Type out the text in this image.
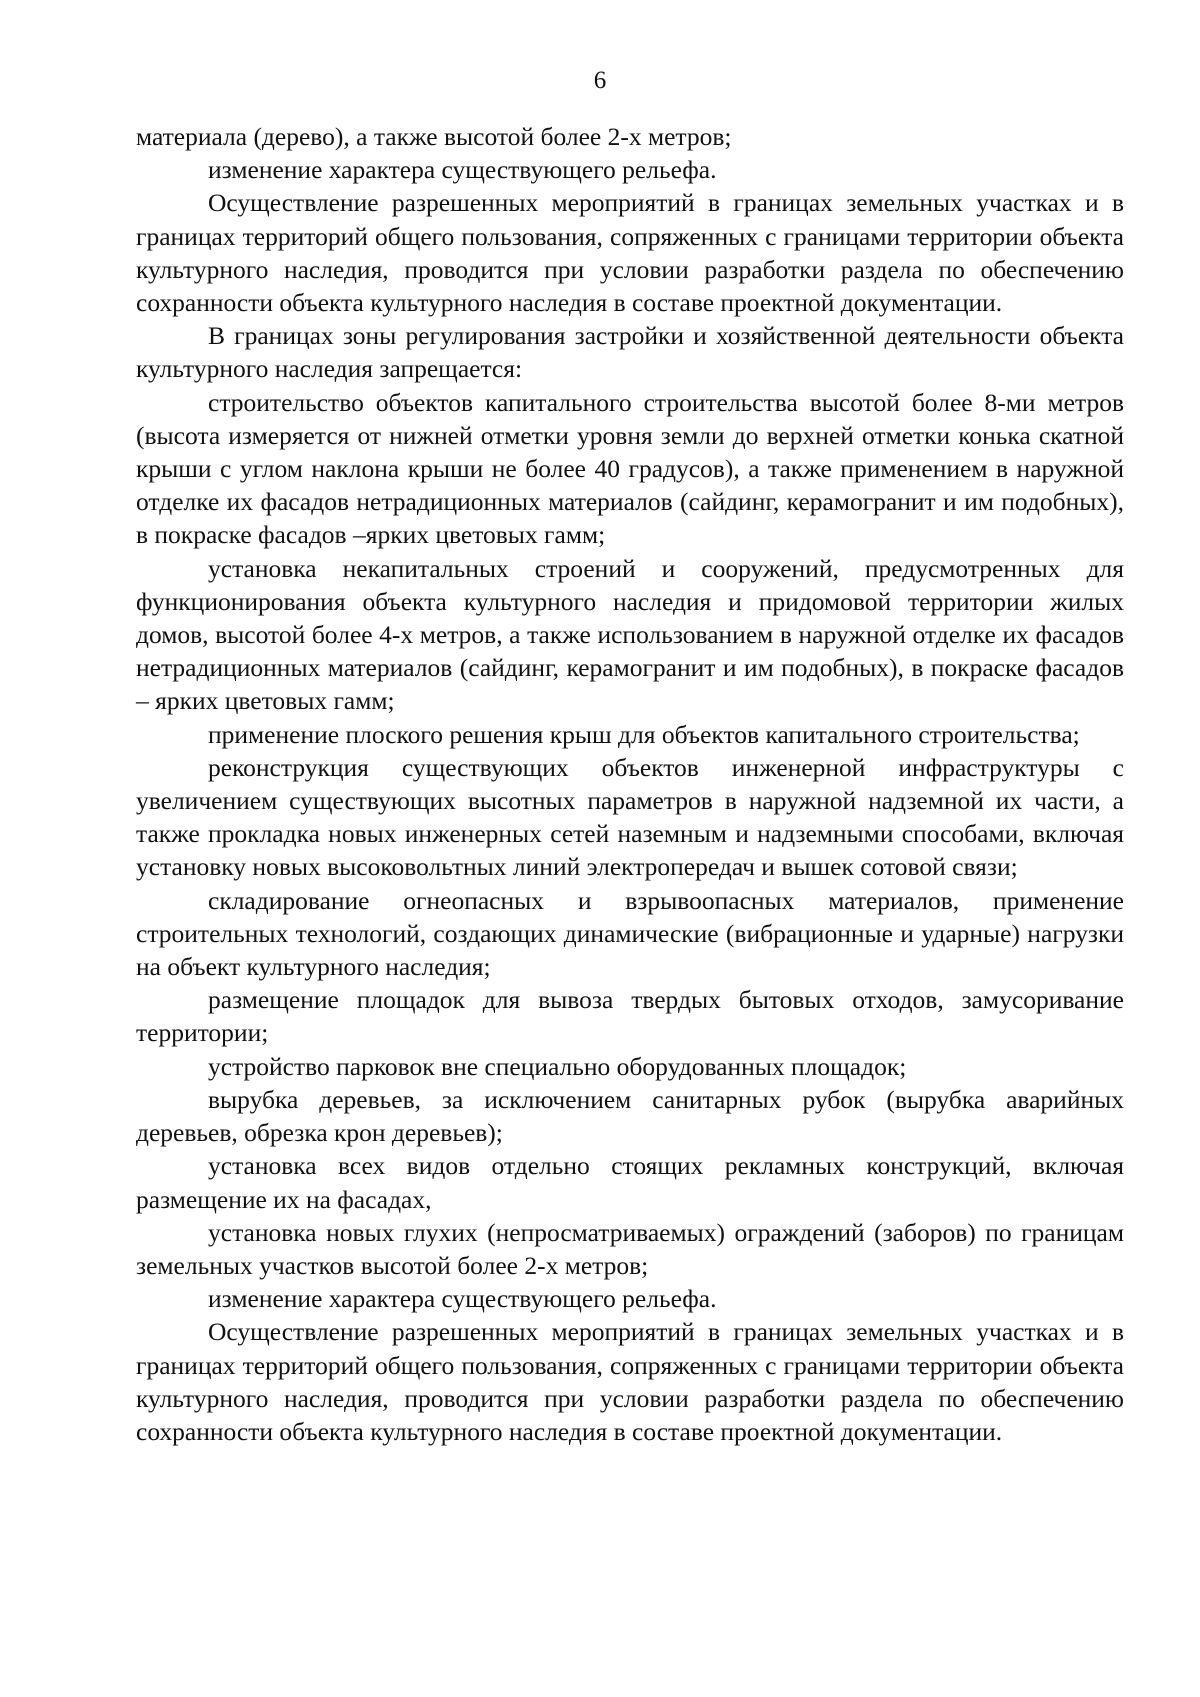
6

материала (дерево), а также высотой более 2-х метров;

изменение характера существующего рельефа.

Осуществление разрешенных мероприятий в границах земельных участках и в границах территорий общего пользования, сопряженных с границами территории объекта культурного наследия, проводится при условии разработки раздела по обеспечению сохранности объекта культурного наследия в составе проектной документации.

В границах зоны регулирования застройки и хозяйственной деятельности объекта культурного наследия запрещается:

строительство объектов капитального строительства высотой более 8-ми метров (высота измеряется от нижней отметки уровня земли до верхней отметки конька скатной крыши с углом наклона крыши не более 40 градусов), а также применением в наружной отделке их фасадов нетрадиционных материалов (сайдинг, керамогранит и им подобных), в покраске фасадов –ярких цветовых гамм;

установка некапитальных строений и сооружений, предусмотренных для функционирования объекта культурного наследия и придомовой территории жилых домов, высотой более 4-х метров, а также использованием в наружной отделке их фасадов нетрадиционных материалов (сайдинг, керамогранит и им подобных), в покраске фасадов – ярких цветовых гамм;

применение плоского решения крыш для объектов капитального строительства;

реконструкция существующих объектов инженерной инфраструктуры с увеличением существующих высотных параметров в наружной надземной их части, а также прокладка новых инженерных сетей наземным и надземными способами, включая установку новых высоковольтных линий электропередач и вышек сотовой связи;

складирование огнеопасных и взрывоопасных материалов, применение строительных технологий, создающих динамические (вибрационные и ударные) нагрузки на объект культурного наследия;

размещение площадок для вывоза твердых бытовых отходов, замусоривание территории;

устройство парковок вне специально оборудованных площадок;

вырубка деревьев, за исключением санитарных рубок (вырубка аварийных деревьев, обрезка крон деревьев);

установка всех видов отдельно стоящих рекламных конструкций, включая размещение их на фасадах,

установка новых глухих (непросматриваемых) ограждений (заборов) по границам земельных участков высотой более 2-х метров;

изменение характера существующего рельефа.

Осуществление разрешенных мероприятий в границах земельных участках и в границах территорий общего пользования, сопряженных с границами территории объекта культурного наследия, проводится при условии разработки раздела по обеспечению сохранности объекта культурного наследия в составе проектной документации.
